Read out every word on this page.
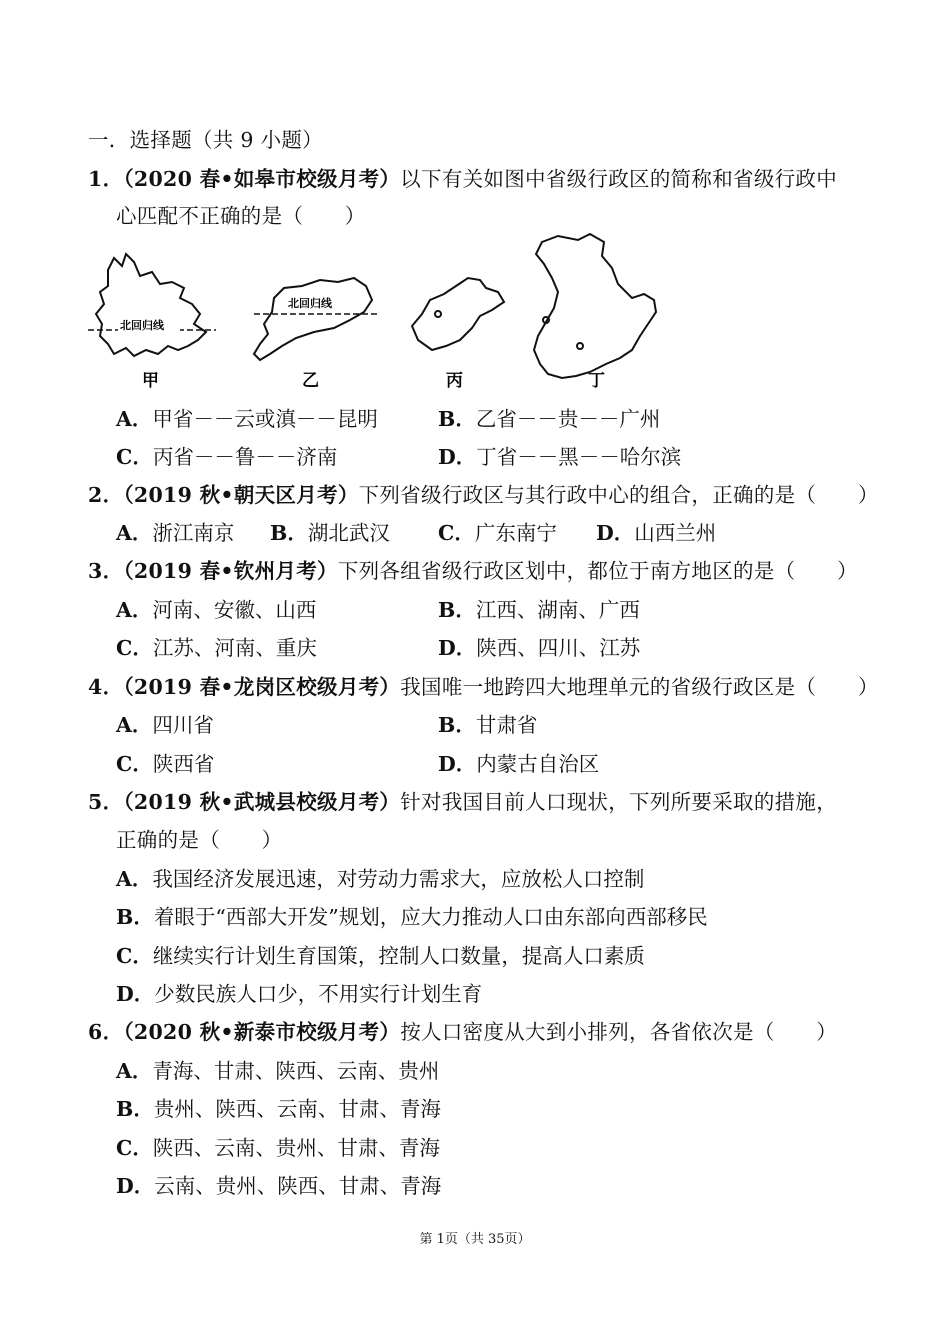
一．选择题（共 9 小题）
1．（2020 春•如皋市校级月考）以下有关如图中省级行政区的简称和省级行政中
心匹配不正确的是（　　）
北回归线
北回归线
甲	乙	丙	丁
A．甲省－－云或滇－－昆明	B．乙省－－贵－－广州
C．丙省－－鲁－－济南	D．丁省－－黑－－哈尔滨
2．（2019 秋•朝天区月考）下列省级行政区与其行政中心的组合，正确的是（　　）
A．浙江南京 B．湖北武汉 C．广东南宁 D．山西兰州
3．（2019 春•钦州月考）下列各组省级行政区划中，都位于南方地区的是（　　）
A．河南、安徽、山西	B．江西、湖南、广西
C．江苏、河南、重庆	D．陕西、四川、江苏
4．（2019 春•龙岗区校级月考）我国唯一地跨四大地理单元的省级行政区是（　　）
A．四川省	B．甘肃省
C．陕西省	D．内蒙古自治区
5．（2019 秋•武城县校级月考）针对我国目前人口现状，下列所要采取的措施，
正确的是（　　）
A．我国经济发展迅速，对劳动力需求大，应放松人口控制
B．着眼于“西部大开发”规划，应大力推动人口由东部向西部移民
C．继续实行计划生育国策，控制人口数量，提高人口素质
D．少数民族人口少，不用实行计划生育
6．（2020 秋•新泰市校级月考）按人口密度从大到小排列，各省依次是（　　）
A．青海、甘肃、陕西、云南、贵州
B．贵州、陕西、云南、甘肃、青海
C．陕西、云南、贵州、甘肃、青海
D．云南、贵州、陕西、甘肃、青海
第 1页（共 35页）
